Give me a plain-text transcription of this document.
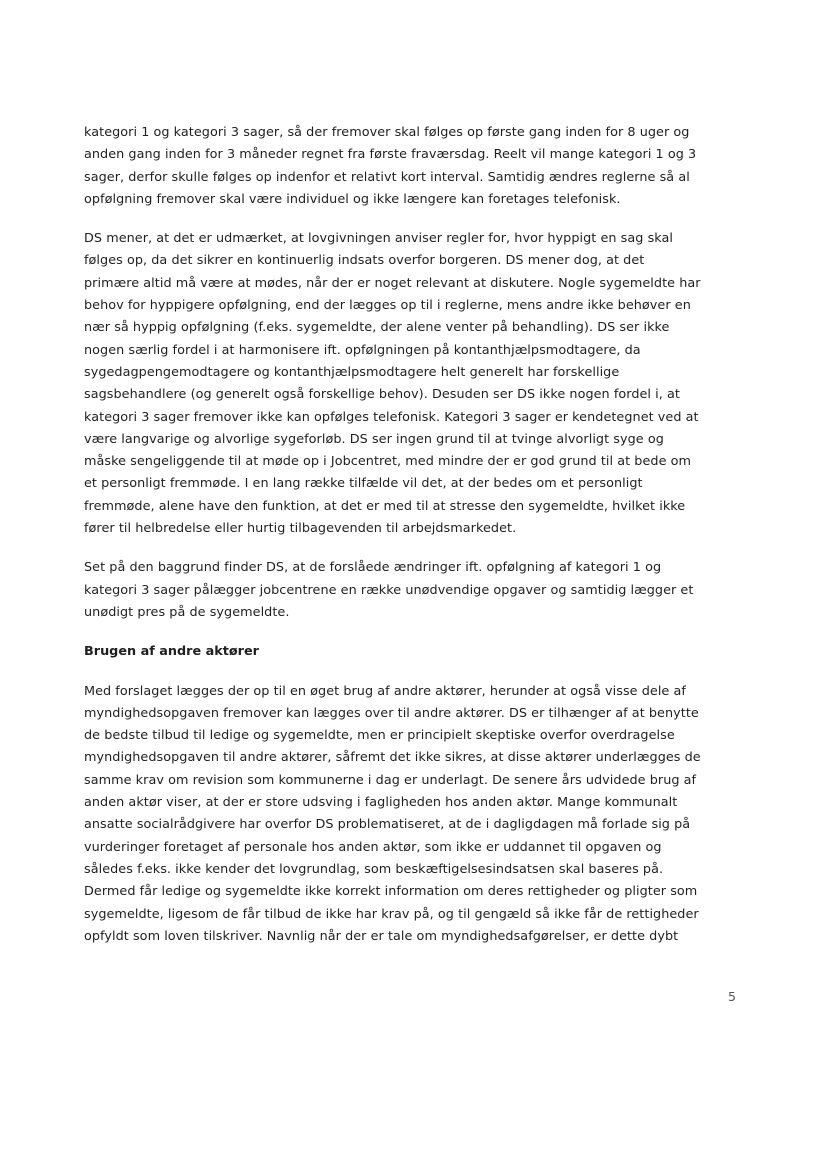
kategori 1 og kategori 3 sager, så der fremover skal følges op første gang inden for 8 uger og
anden gang inden for 3 måneder regnet fra første fraværsdag. Reelt vil mange kategori 1 og 3
sager, derfor skulle følges op indenfor et relativt kort interval. Samtidig ændres reglerne så al
opfølgning fremover skal være individuel og ikke længere kan foretages telefonisk.

DS mener, at det er udmærket, at lovgivningen anviser regler for, hvor hyppigt en sag skal
følges op, da det sikrer en kontinuerlig indsats overfor borgeren. DS mener dog, at det
primære altid må være at mødes, når der er noget relevant at diskutere. Nogle sygemeldte har
behov for hyppigere opfølgning, end der lægges op til i reglerne, mens andre ikke behøver en
nær så hyppig opfølgning (f.eks. sygemeldte, der alene venter på behandling). DS ser ikke
nogen særlig fordel i at harmonisere ift. opfølgningen på kontanthjælpsmodtagere, da
sygedagpengemodtagere og kontanthjælpsmodtagere helt generelt har forskellige
sagsbehandlere (og generelt også forskellige behov). Desuden ser DS ikke nogen fordel i, at
kategori 3 sager fremover ikke kan opfølges telefonisk. Kategori 3 sager er kendetegnet ved at
være langvarige og alvorlige sygeforløb. DS ser ingen grund til at tvinge alvorligt syge og
måske sengeliggende til at møde op i Jobcentret, med mindre der er god grund til at bede om
et personligt fremmøde. I en lang række tilfælde vil det, at der bedes om et personligt
fremmøde, alene have den funktion, at det er med til at stresse den sygemeldte, hvilket ikke
fører til helbredelse eller hurtig tilbagevenden til arbejdsmarkedet.

Set på den baggrund finder DS, at de forslåede ændringer ift. opfølgning af kategori 1 og
kategori 3 sager pålægger jobcentrene en række unødvendige opgaver og samtidig lægger et
unødigt pres på de sygemeldte.

Brugen af andre aktører

Med forslaget lægges der op til en øget brug af andre aktører, herunder at også visse dele af
myndighedsopgaven fremover kan lægges over til andre aktører. DS er tilhænger af at benytte
de bedste tilbud til ledige og sygemeldte, men er principielt skeptiske overfor overdragelse
myndighedsopgaven til andre aktører, såfremt det ikke sikres, at disse aktører underlægges de
samme krav om revision som kommunerne i dag er underlagt. De senere års udvidede brug af
anden aktør viser, at der er store udsving i fagligheden hos anden aktør. Mange kommunalt
ansatte socialrådgivere har overfor DS problematiseret, at de i dagligdagen må forlade sig på
vurderinger foretaget af personale hos anden aktør, som ikke er uddannet til opgaven og
således f.eks. ikke kender det lovgrundlag, som beskæftigelsesindsatsen skal baseres på.
Dermed får ledige og sygemeldte ikke korrekt information om deres rettigheder og pligter som
sygemeldte, ligesom de får tilbud de ikke har krav på, og til gengæld så ikke får de rettigheder
opfyldt som loven tilskriver. Navnlig når der er tale om myndighedsafgørelser, er dette dybt

5
